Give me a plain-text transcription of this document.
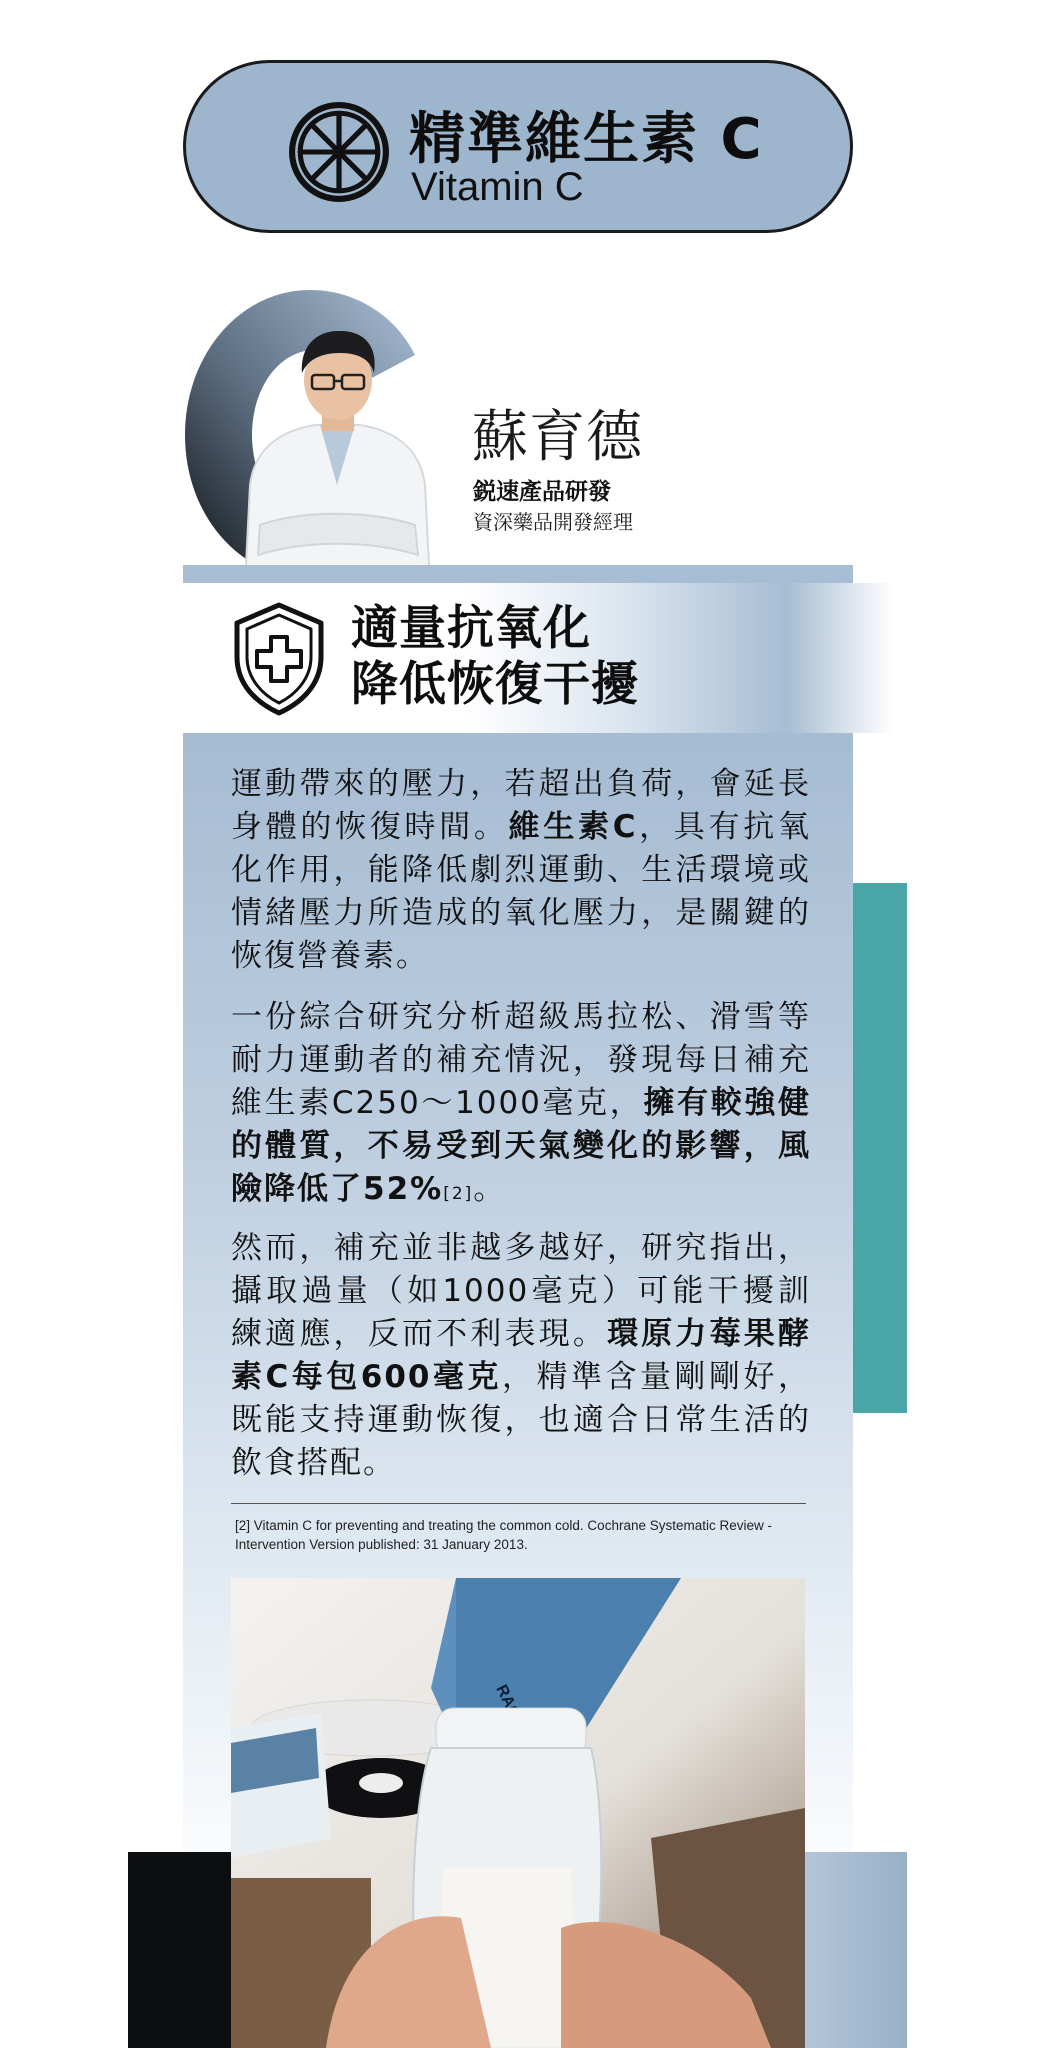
精準維生素 C
Vitamin C
蘇育德
鋭速產品研發
資深藥品開發經理
適量抗氧化
降低恢復干擾

運動帶來的壓力，若超出負荷，會延長身體的恢復時間。維生素C，具有抗氧化作用，能降低劇烈運動、生活環境或情緒壓力所造成的氧化壓力，是關鍵的恢復營養素。

一份綜合研究分析超級馬拉松、滑雪等耐力運動者的補充情況，發現每日補充維生素C250～1000毫克，擁有較強健的體質，不易受到天氣變化的影響，風險降低了52%[2]。

然而，補充並非越多越好，研究指出，攝取過量（如1000毫克）可能干擾訓練適應，反而不利表現。環原力莓果酵素C每包600毫克，精準含量剛剛好，既能支持運動恢復，也適合日常生活的飲食搭配。

[2] Vitamin C for preventing and treating the common cold. Cochrane Systematic Review - Intervention Version published: 31 January 2013.
